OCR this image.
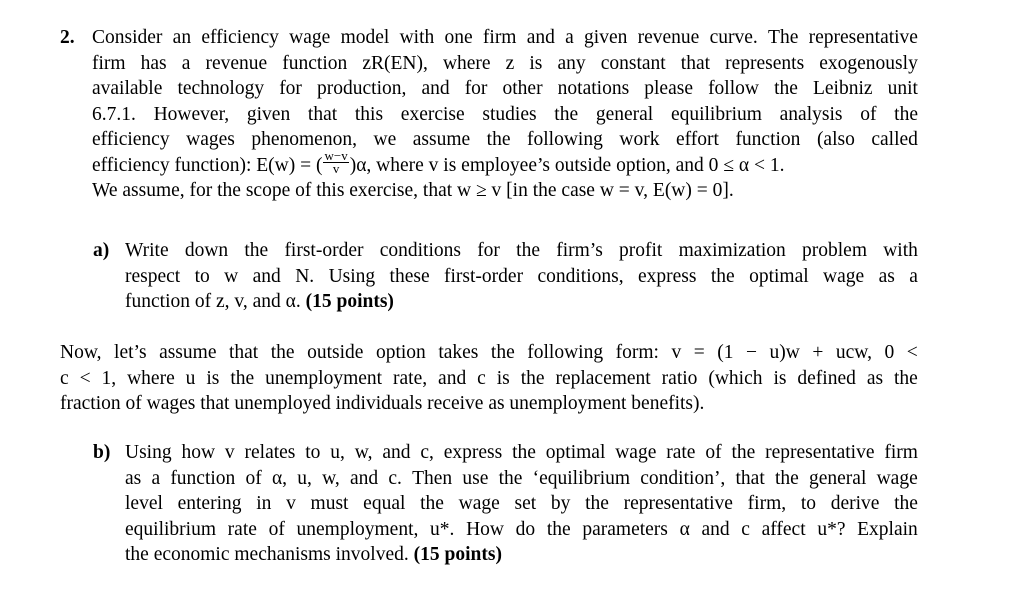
2. Consider an efficiency wage model with one firm and a given revenue curve. The representative
firm has a revenue function zR(EN), where z is any constant that represents exogenously
available technology for production, and for other notations please follow the Leibniz unit
6.7.1. However, given that this exercise studies the general equilibrium analysis of the
efficiency wages phenomenon, we assume the following work effort function (also called
efficiency function): E(w) = ( $\frac{w-v}{v} )\alpha$, where v is employee’s outside option, and 0 ≤ α < 1.
We assume, for the scope of this exercise, that w ≥ v [in the case w = v, E(w) = 0].
a) Write down the first-order conditions for the firm’s profit maximization problem with
respect to w and N. Using these first-order conditions, express the optimal wage as a
function of z, v, and α.
(15 points)
Now, let’s assume that the outside option takes the following form: v = (1 − u)w + ucw, 0 <
c < 1, where u is the unemployment rate, and c is the replacement ratio (which is defined as the
fraction of wages that unemployed individuals receive as unemployment benefits).
b) Using how v relates to u, w, and c, express the optimal wage rate of the representative firm
as a function of α, u, w, and c. Then use the ‘equilibrium condition’, that the general wage
level entering in v must equal the wage set by the representative firm, to derive the
equilibrium rate of unemployment, u*. How do the parameters α and c affect u*? Explain
the economic mechanisms involved.
(15 points)
